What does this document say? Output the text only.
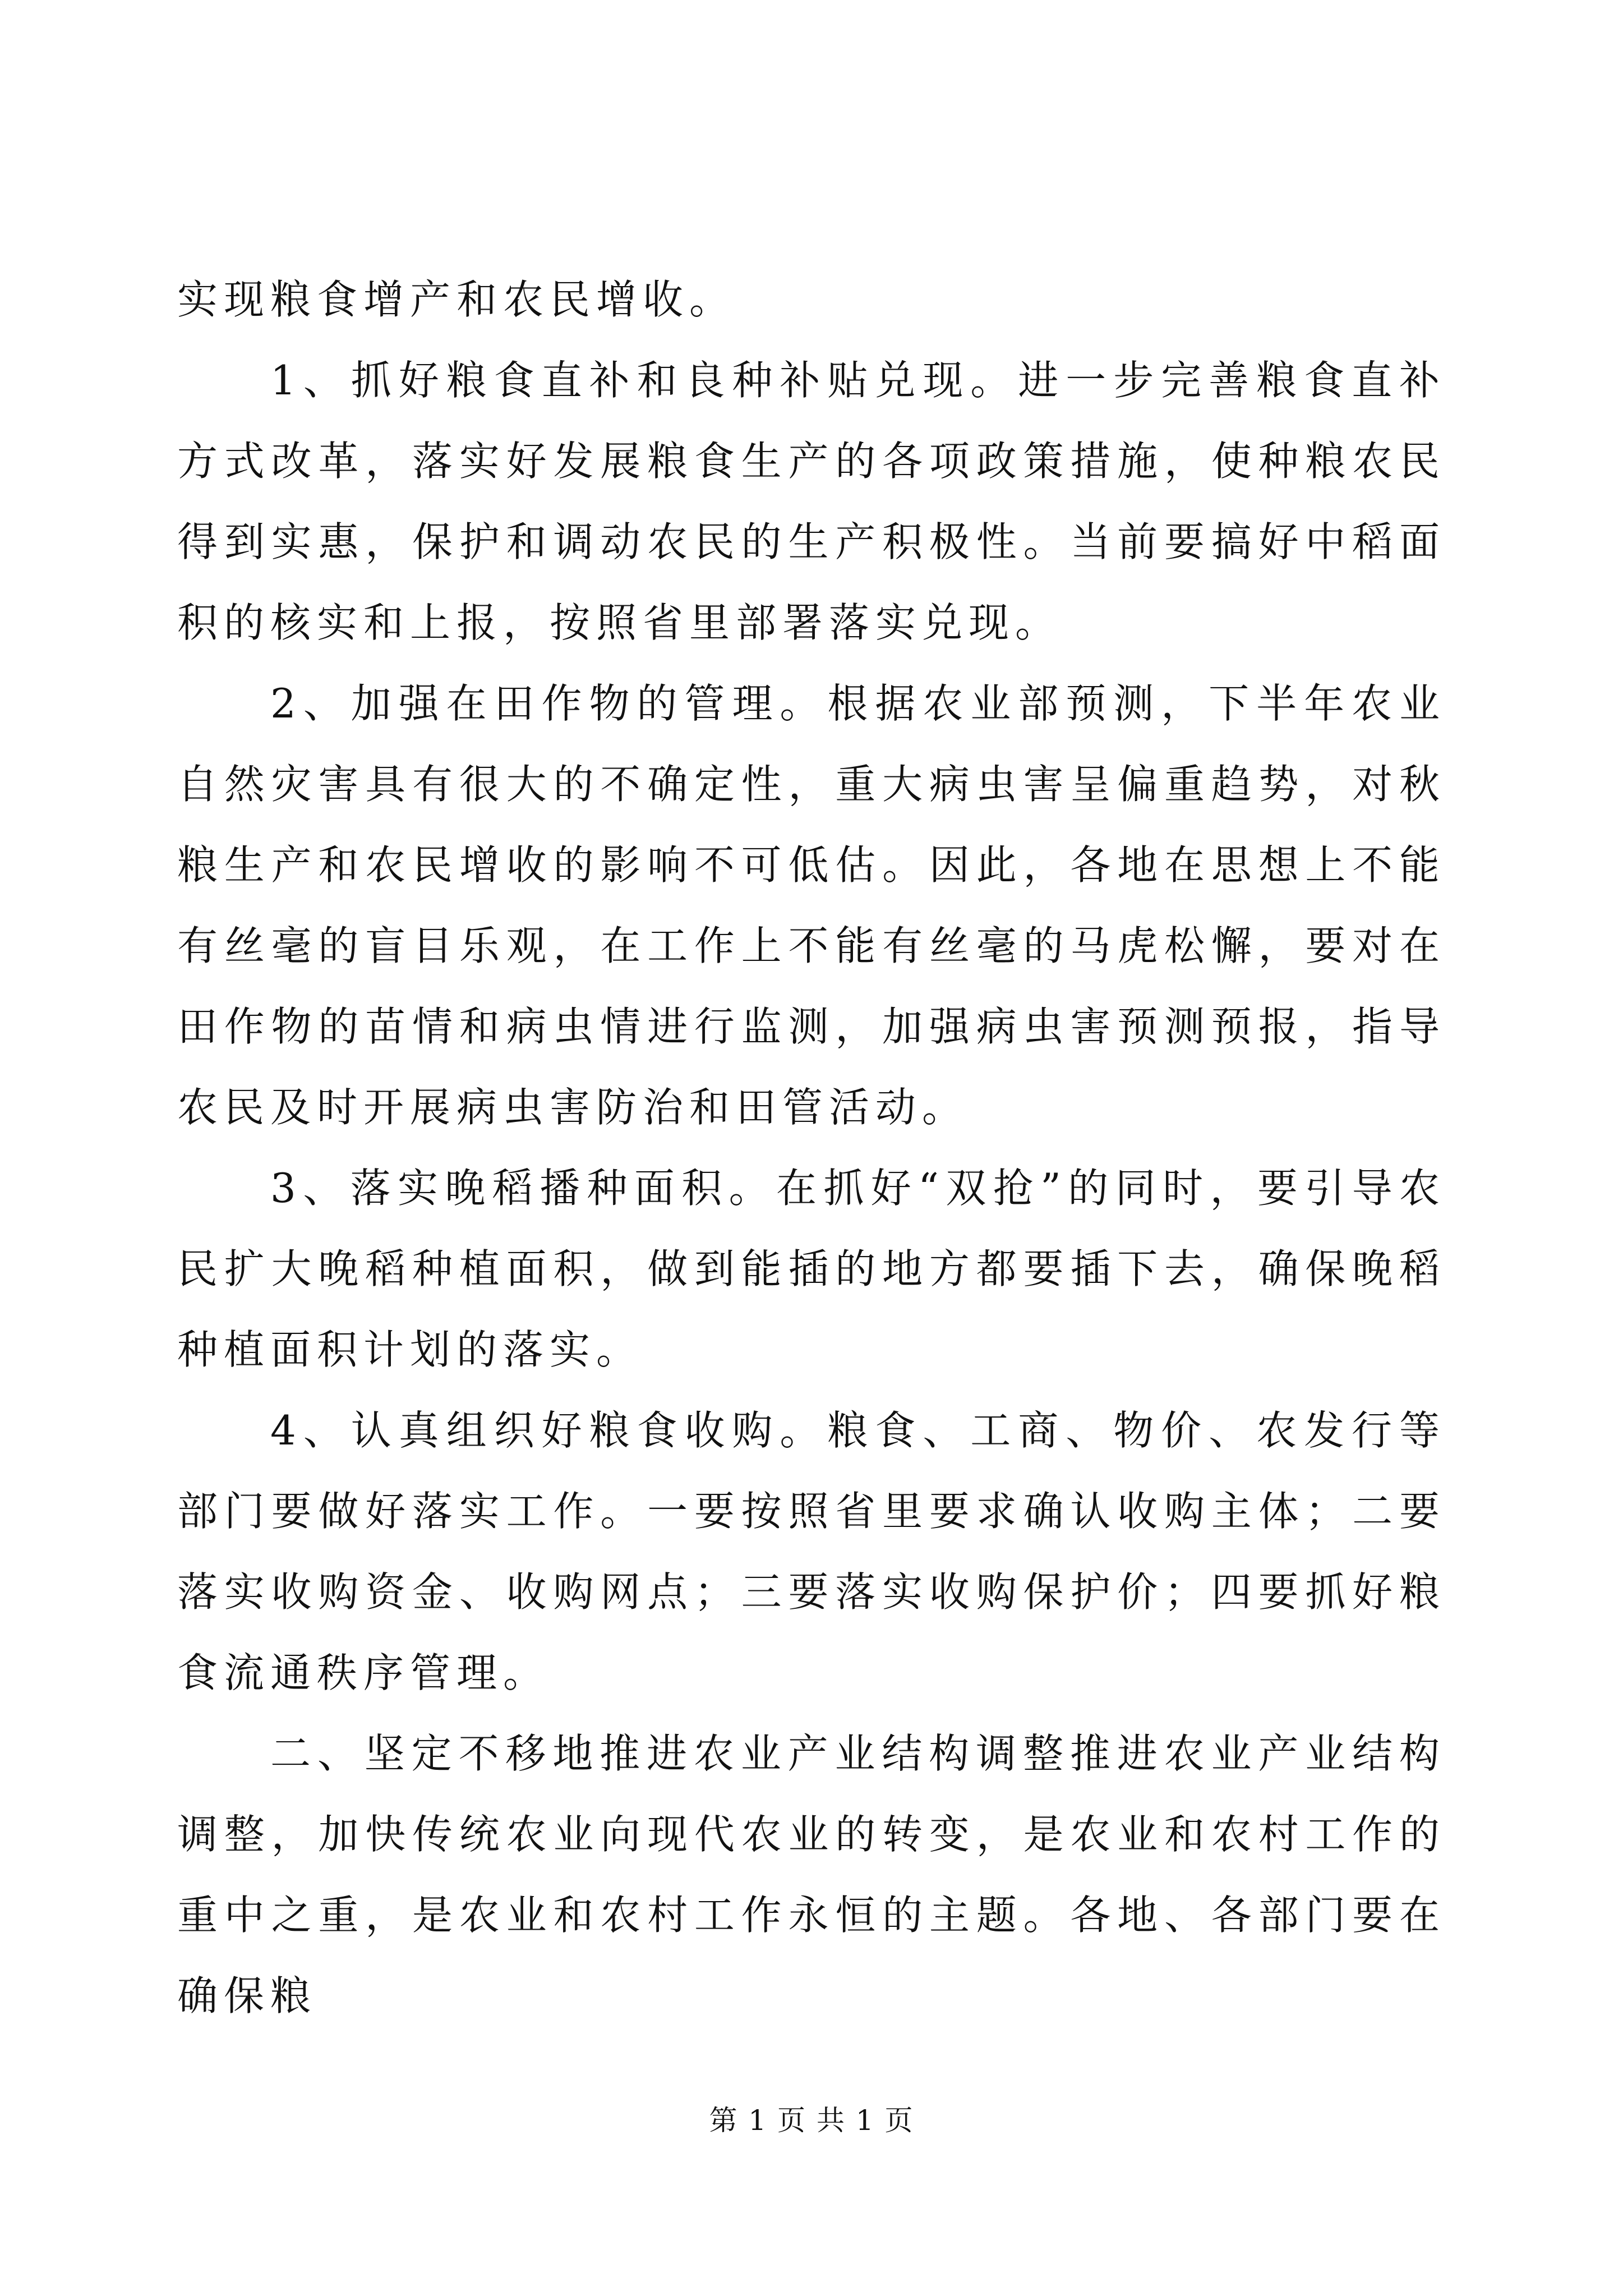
实现粮食增产和农民增收。

1、抓好粮食直补和良种补贴兑现。进一步完善粮食直补方式改革，落实好发展粮食生产的各项政策措施，使种粮农民得到实惠，保护和调动农民的生产积极性。当前要搞好中稻面积的核实和上报，按照省里部署落实兑现。

2、加强在田作物的管理。根据农业部预测，下半年农业自然灾害具有很大的不确定性，重大病虫害呈偏重趋势，对秋粮生产和农民增收的影响不可低估。因此，各地在思想上不能有丝毫的盲目乐观，在工作上不能有丝毫的马虎松懈，要对在田作物的苗情和病虫情进行监测，加强病虫害预测预报，指导农民及时开展病虫害防治和田管活动。

3、落实晚稻播种面积。在抓好“双抢”的同时，要引导农民扩大晚稻种植面积，做到能插的地方都要插下去，确保晚稻种植面积计划的落实。

4、认真组织好粮食收购。粮食、工商、物价、农发行等部门要做好落实工作。一要按照省里要求确认收购主体；二要落实收购资金、收购网点；三要落实收购保护价；四要抓好粮食流通秩序管理。

二、坚定不移地推进农业产业结构调整推进农业产业结构调整，加快传统农业向现代农业的转变，是农业和农村工作的重中之重，是农业和农村工作永恒的主题。各地、各部门要在确保粮

第 1 页 共 1 页
